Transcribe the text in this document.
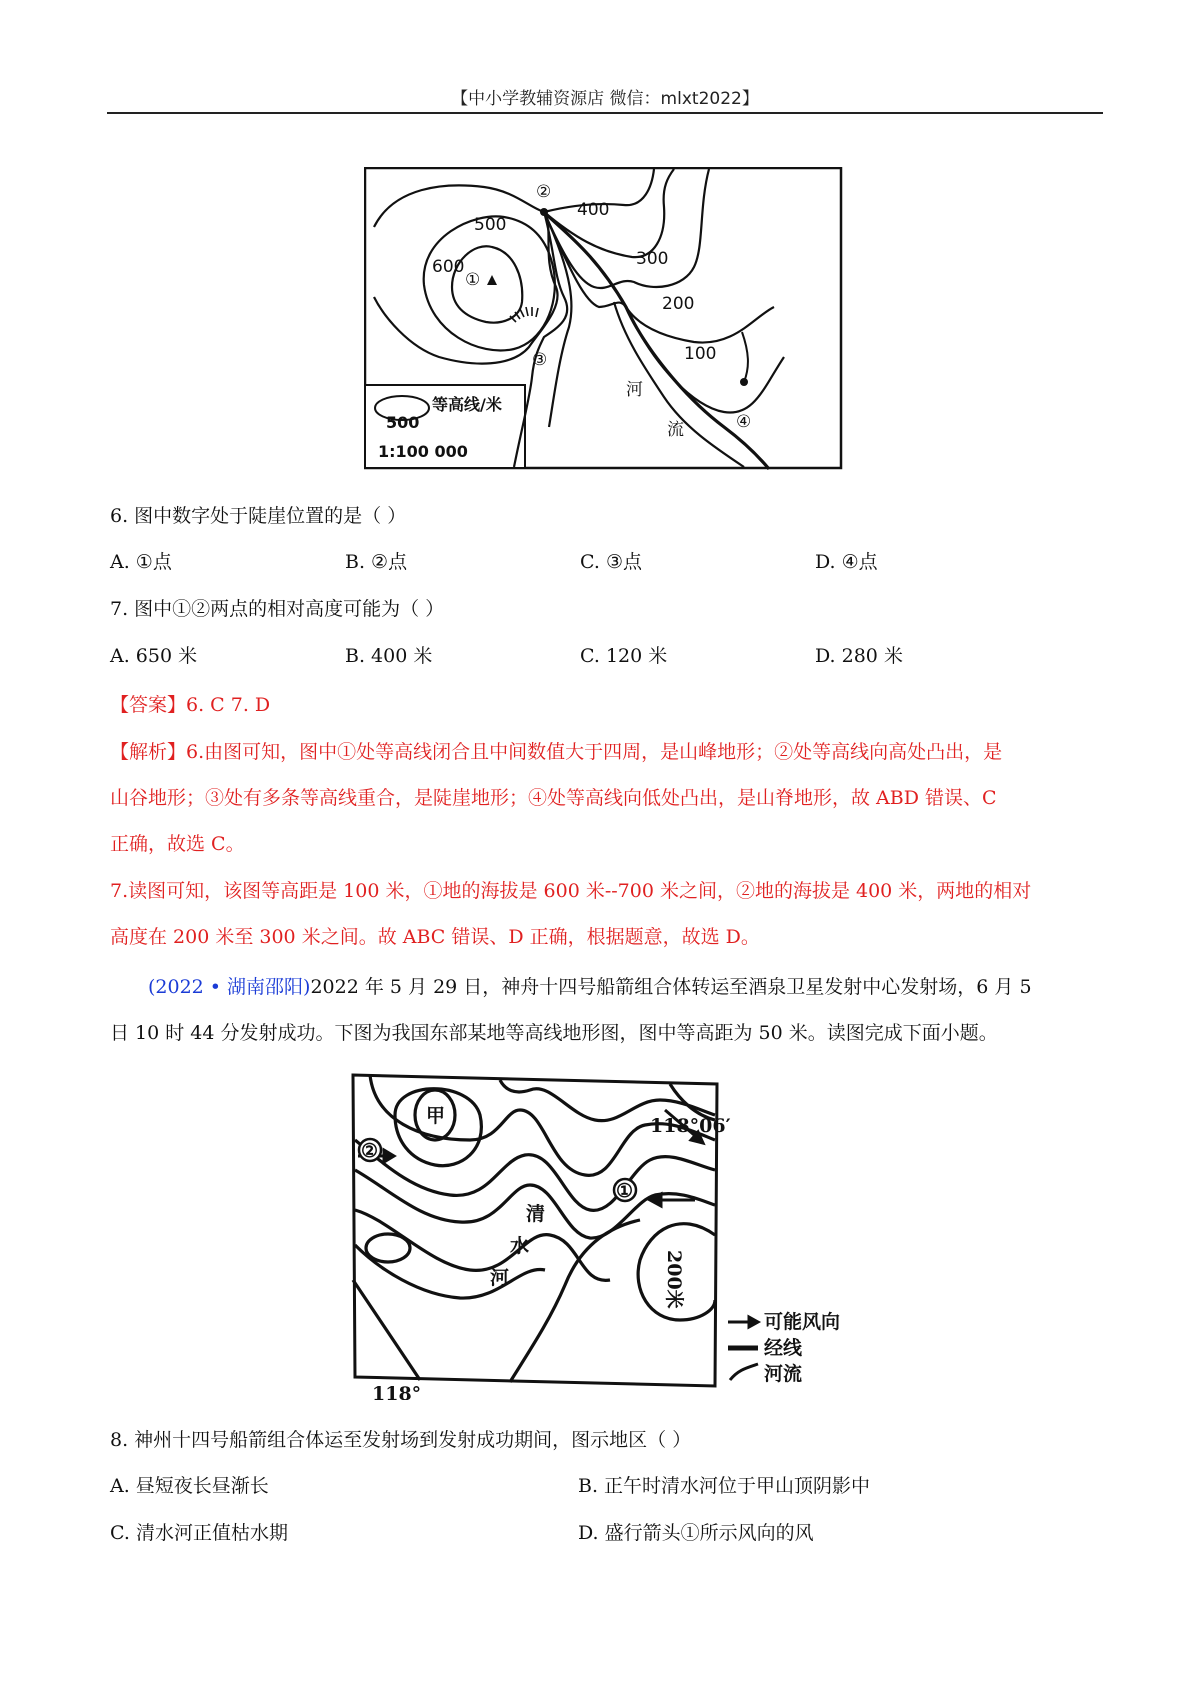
【中小学教辅资源店 微信：mlxt2022】
600
500
400
300
200
100
①
②
③
④
河
流
500
等高线/米
1:100 000
6. 图中数字处于陡崖位置的是（ ）
A. ①点	B. ②点	C. ③点	D. ④点
7. 图中①②两点的相对高度可能为（ ）
A. 650 米	B. 400 米	C. 120 米	D. 280 米
【答案】6. C 7. D
【解析】6.由图可知，图中①处等高线闭合且中间数值大于四周，是山峰地形；②处等高线向高处凸出，是
山谷地形；③处有多条等高线重合，是陡崖地形；④处等高线向低处凸出，是山脊地形，故 ABD 错误、C
正确，故选 C。
7.读图可知，该图等高距是 100 米，①地的海拔是 600 米--700 米之间，②地的海拔是 400 米，两地的相对
高度在 200 米至 300 米之间。故 ABC 错误、D 正确，根据题意，故选 D。
(2022 • 湖南邵阳)2022 年 5 月 29 日，神舟十四号船箭组合体转运至酒泉卫星发射中心发射场，6 月 5
日 10 时 44 分发射成功。下图为我国东部某地等高线地形图，图中等高距为 50 米。读图完成下面小题。
甲
①
②
118°06′
118°
清
水
河	200米
可能风向
经线
河流
8. 神州十四号船箭组合体运至发射场到发射成功期间，图示地区（ ）
A. 昼短夜长昼渐长	B. 正午时清水河位于甲山顶阴影中
C. 清水河正值枯水期	D. 盛行箭头①所示风向的风
